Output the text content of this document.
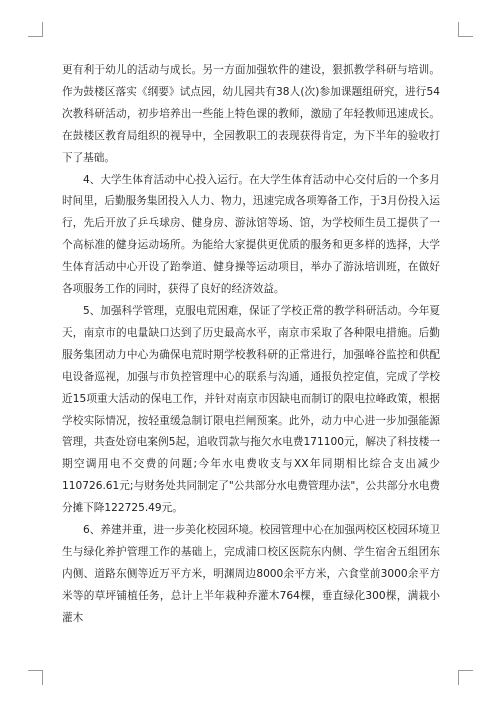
更有利于幼儿的活动与成长。另一方面加强软件的建设，狠抓教学科研与培训。作为鼓楼区落实《纲要》试点园，幼儿园共有38人(次)参加课题组研究，进行54次教科研活动，初步培养出一些能上特色课的教师，激励了年轻教师迅速成长。在鼓楼区教育局组织的视导中，全园教职工的表现获得肯定，为下半年的验收打下了基础。

4、大学生体育活动中心投入运行。在大学生体育活动中心交付后的一个多月时间里，后勤服务集团投入人力、物力，迅速完成各项筹备工作，于3月份投入运行，先后开放了乒乓球房、健身房、游泳馆等场、馆，为学校师生员工提供了一个高标准的健身运动场所。为能给大家提供更优质的服务和更多样的选择，大学生体育活动中心开设了跆拳道、健身操等运动项目，举办了游泳培训班，在做好各项服务工作的同时，获得了良好的经济效益。

5、加强科学管理，克服电荒困难，保证了学校正常的教学科研活动。今年夏天，南京市的电量缺口达到了历史最高水平，南京市采取了各种限电措施。后勤服务集团动力中心为确保电荒时期学校教科研的正常进行，加强峰谷监控和供配电设备巡视，加强与市负控管理中心的联系与沟通，通报负控定值，完成了学校近15项重大活动的保电工作，并针对南京市因缺电而制订的限电拉峰政策，根据学校实际情况，按轻重缓急制订限电拦闸预案。此外，动力中心进一步加强能源管理，共查处窃电案例5起，追收罚款与拖欠水电费171100元，解决了科技楼一期空调用电不交费的问题;今年水电费收支与XX年同期相比综合支出减少110726.61元;与财务处共同制定了"公共部分水电费管理办法"，公共部分水电费分摊下降122725.49元。

6、养建并重，进一步美化校园环境。校园管理中心在加强两校区校园环境卫生与绿化养护管理工作的基础上，完成浦口校区医院东内侧、学生宿舍五组团东内侧、道路东侧等近万平方米，明渊周边8000余平方米，六食堂前3000余平方米等的草坪铺植任务，总计上半年栽种乔灌木764棵，垂直绿化300棵，满栽小灌木
